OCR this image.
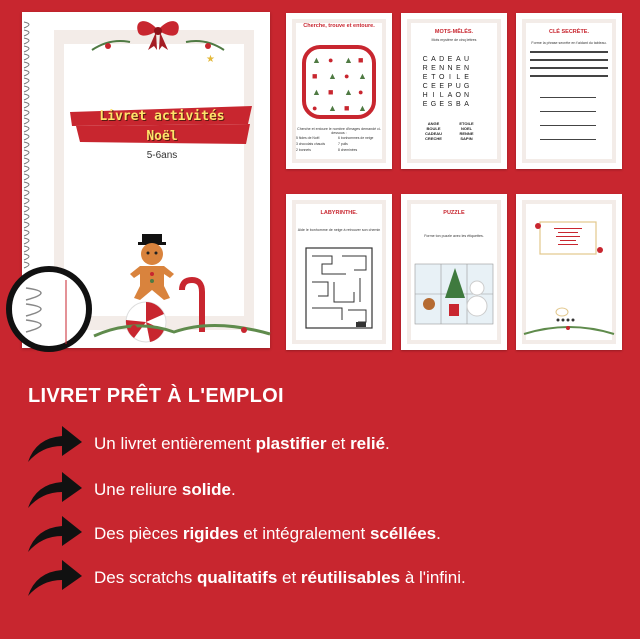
★
Livret activités
Noël
5-6ans
Cherche, trouve et entoure.
▲ ● ▲ ■
■ ▲ ● ▲
▲ ■ ▲ ●
● ▲ ■ ▲
Cherche et entoure le nombre d'images demandé ci-dessous :
5 fioles de Noël	6 bonhommes de neige
3 chocolats chauds	7 pulls
2 bonnets	8 cheminées
MOTS-MÊLÉS.
Mots mystère de cinq lettres
C A D E A U
R E N N E N
E T O I L E
C E E P U G
H I L A O N
E G E S B A
ANGE	ETOILE
BOULE	NOEL
CADEAU	RENNE
CRECHE	SAPIN
CLÉ SECRÈTE.
Forme la phrase secrète en t'aidant du tableau.
LABYRINTHE.
Aide le bonhomme de neige à retrouver son chemin
PUZZLE
Forme ton puzzle avec les étiquettes.
LIVRET PRÊT À L'EMPLOI
Un livret entièrement plastifier et relié.
Une reliure solide.
Des pièces rigides et intégralement scéllées.
Des scratchs qualitatifs et réutilisables à l'infini.
